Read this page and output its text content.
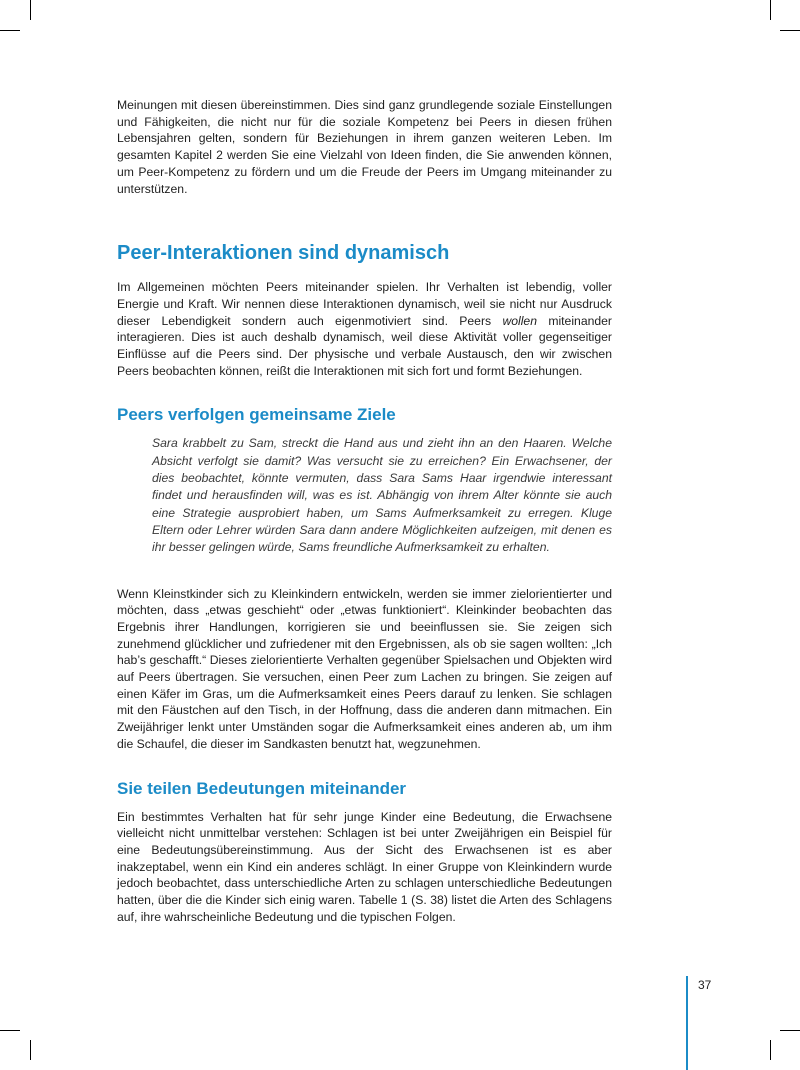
Meinungen mit diesen übereinstimmen. Dies sind ganz grundlegende soziale Einstellungen und Fähigkeiten, die nicht nur für die soziale Kompetenz bei Peers in diesen frühen Lebensjahren gelten, sondern für Beziehungen in ihrem ganzen weiteren Leben. Im gesamten Kapitel 2 werden Sie eine Vielzahl von Ideen finden, die Sie anwenden können, um Peer-Kompetenz zu fördern und um die Freude der Peers im Umgang miteinander zu unterstützen.

Peer-Interaktionen sind dynamisch

Im Allgemeinen möchten Peers miteinander spielen. Ihr Verhalten ist lebendig, voller Energie und Kraft. Wir nennen diese Interaktionen dynamisch, weil sie nicht nur Ausdruck dieser Lebendigkeit sondern auch eigenmotiviert sind. Peers wollen miteinander interagieren. Dies ist auch deshalb dynamisch, weil diese Aktivität voller gegenseitiger Einflüsse auf die Peers sind. Der physische und verbale Austausch, den wir zwischen Peers beobachten können, reißt die Interaktionen mit sich fort und formt Beziehungen.

Peers verfolgen gemeinsame Ziele

Sara krabbelt zu Sam, streckt die Hand aus und zieht ihn an den Haaren. Welche Absicht verfolgt sie damit? Was versucht sie zu erreichen? Ein Erwachsener, der dies beobachtet, könnte vermuten, dass Sara Sams Haar irgendwie interessant findet und herausfinden will, was es ist. Abhängig von ihrem Alter könnte sie auch eine Strategie ausprobiert haben, um Sams Aufmerksamkeit zu erregen. Kluge Eltern oder Lehrer würden Sara dann andere Möglichkeiten aufzeigen, mit denen es ihr besser gelingen würde, Sams freundliche Aufmerksamkeit zu erhalten.

Wenn Kleinstkinder sich zu Kleinkindern entwickeln, werden sie immer zielorientierter und möchten, dass „etwas geschieht“ oder „etwas funktioniert“. Kleinkinder beobachten das Ergebnis ihrer Handlungen, korrigieren sie und beeinflussen sie. Sie zeigen sich zunehmend glücklicher und zufriedener mit den Ergebnissen, als ob sie sagen wollten: „Ich hab’s geschafft.“ Dieses zielorientierte Verhalten gegenüber Spielsachen und Objekten wird auf Peers übertragen. Sie versuchen, einen Peer zum Lachen zu bringen. Sie zeigen auf einen Käfer im Gras, um die Aufmerksamkeit eines Peers darauf zu lenken. Sie schlagen mit den Fäustchen auf den Tisch, in der Hoffnung, dass die anderen dann mitmachen. Ein Zweijähriger lenkt unter Umständen sogar die Aufmerksamkeit eines anderen ab, um ihm die Schaufel, die dieser im Sandkasten benutzt hat, wegzunehmen.

Sie teilen Bedeutungen miteinander

Ein bestimmtes Verhalten hat für sehr junge Kinder eine Bedeutung, die Erwachsene vielleicht nicht unmittelbar verstehen: Schlagen ist bei unter Zweijährigen ein Beispiel für eine Bedeutungsübereinstimmung. Aus der Sicht des Erwachsenen ist es aber inakzeptabel, wenn ein Kind ein anderes schlägt. In einer Gruppe von Kleinkindern wurde jedoch beobachtet, dass unterschiedliche Arten zu schlagen unterschiedliche Bedeutungen hatten, über die die Kinder sich einig waren. Tabelle 1 (S. 38) listet die Arten des Schlagens auf, ihre wahrscheinliche Bedeutung und die typischen Folgen.

37
